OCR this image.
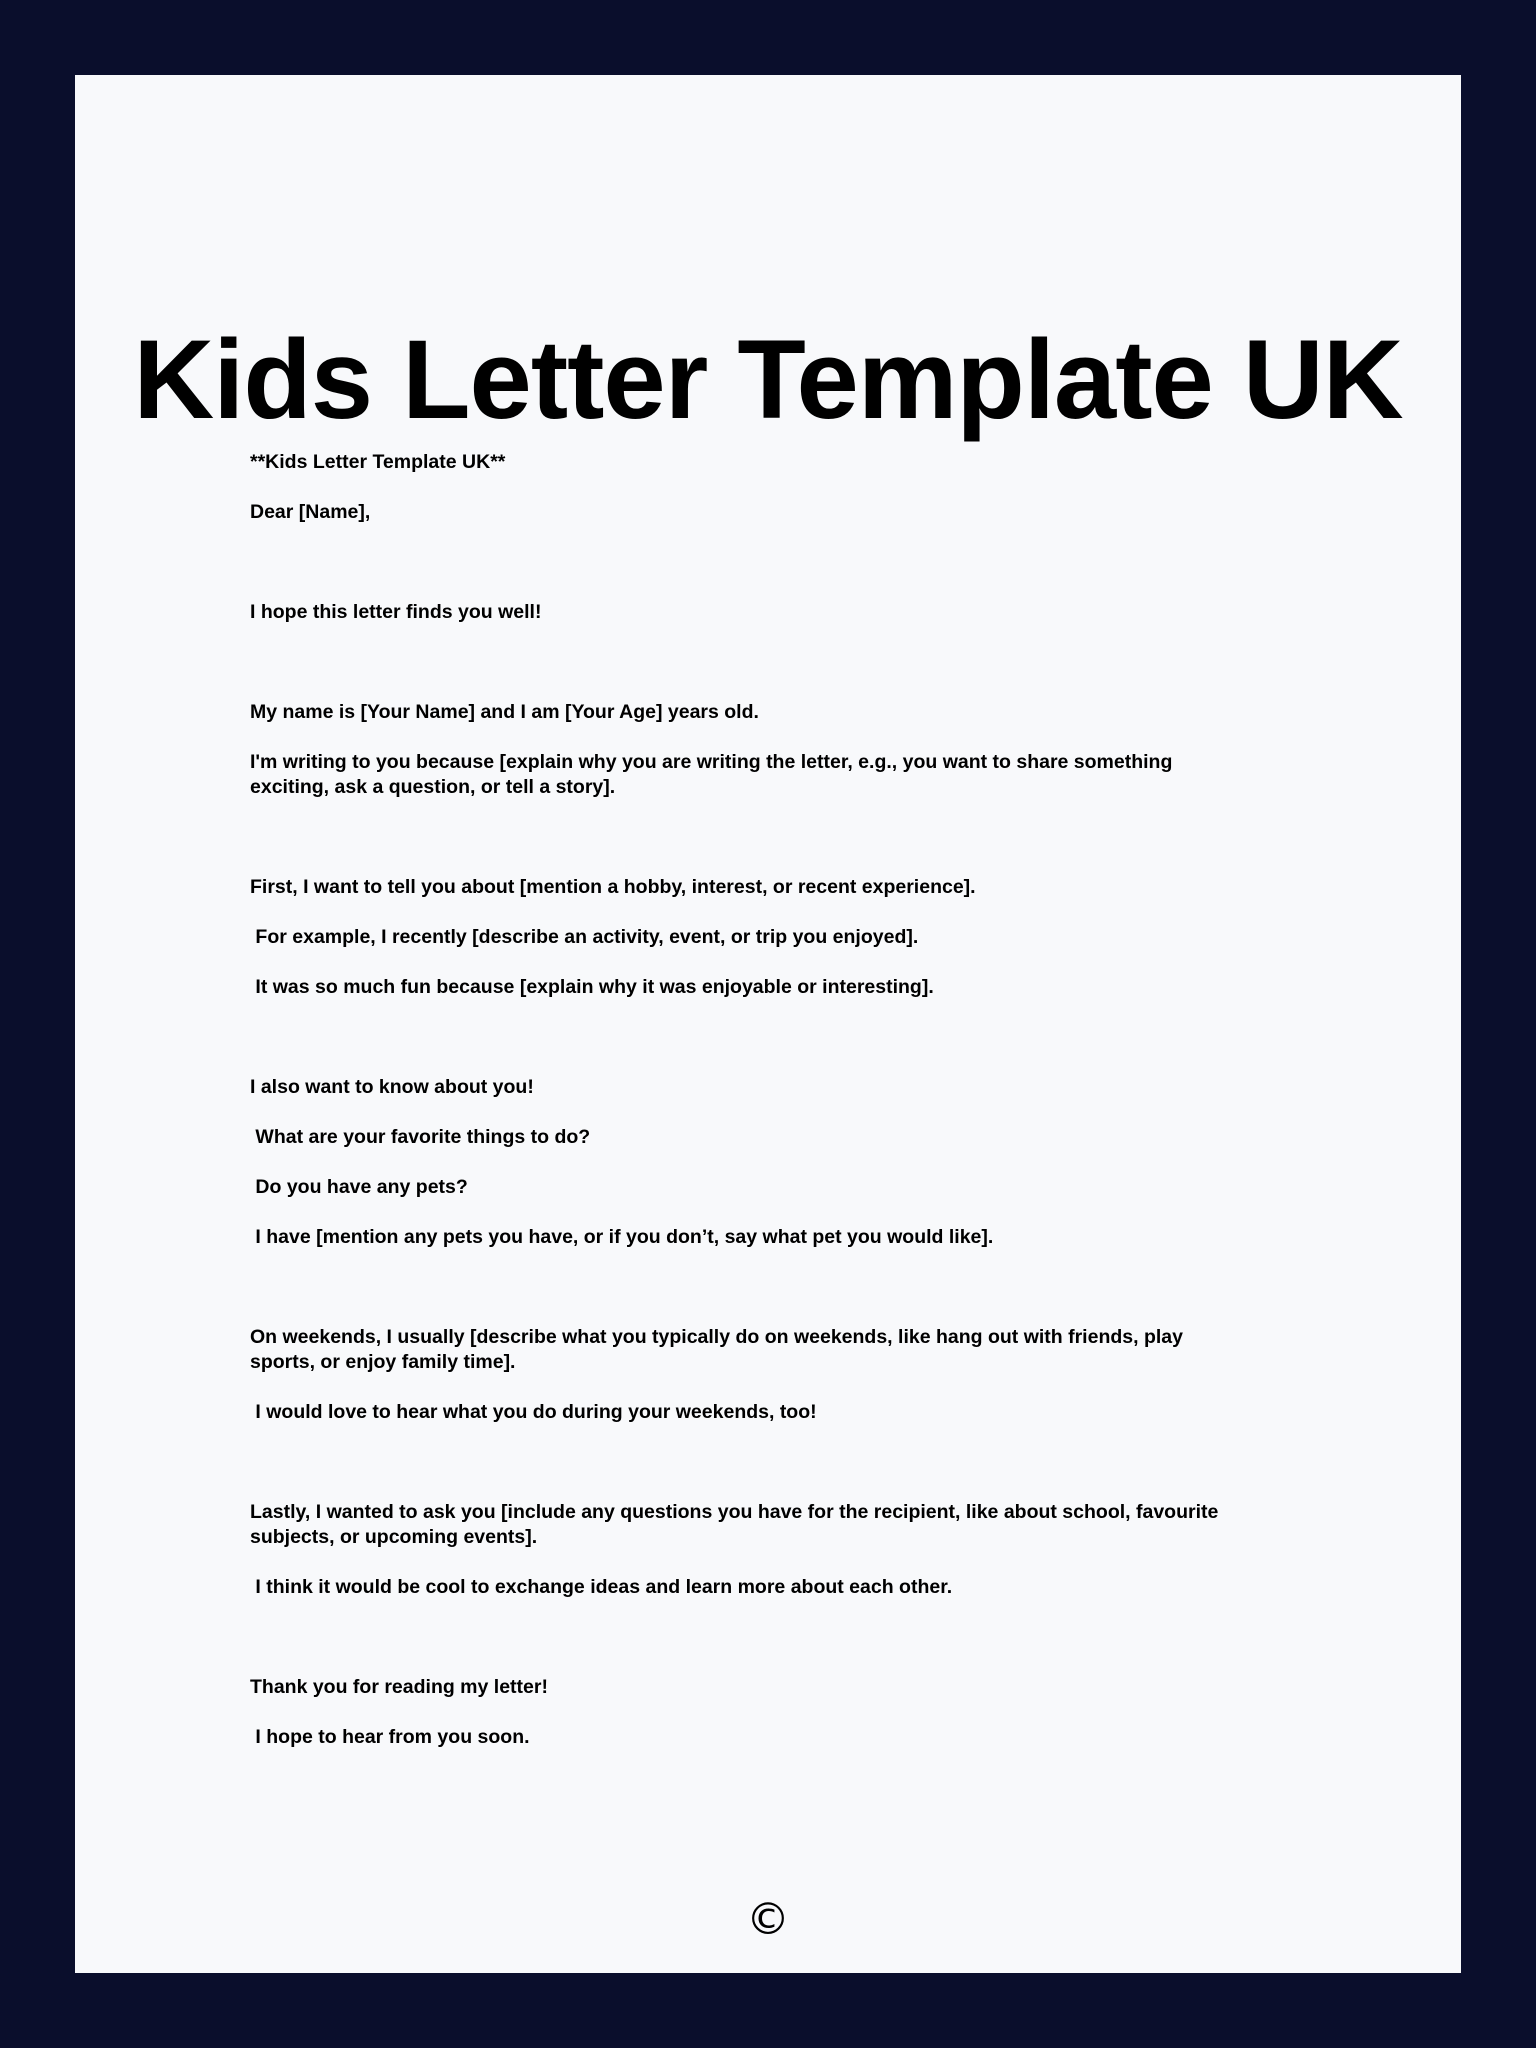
Kids Letter Template UK

**Kids Letter Template UK**

Dear [Name],

I hope this letter finds you well!

My name is [Your Name] and I am [Your Age] years old.

I'm writing to you because [explain why you are writing the letter, e.g., you want to share something
exciting, ask a question, or tell a story].

First, I want to tell you about [mention a hobby, interest, or recent experience].

For example, I recently [describe an activity, event, or trip you enjoyed].

It was so much fun because [explain why it was enjoyable or interesting].

I also want to know about you!

What are your favorite things to do?

Do you have any pets?

I have [mention any pets you have, or if you don’t, say what pet you would like].

On weekends, I usually [describe what you typically do on weekends, like hang out with friends, play
sports, or enjoy family time].

I would love to hear what you do during your weekends, too!

Lastly, I wanted to ask you [include any questions you have for the recipient, like about school, favourite
subjects, or upcoming events].

I think it would be cool to exchange ideas and learn more about each other.

Thank you for reading my letter!

I hope to hear from you soon.

©
